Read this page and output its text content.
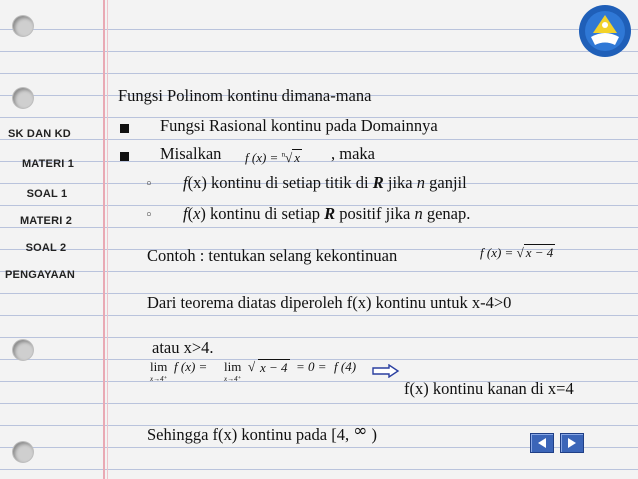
SK DAN KD
MATERI 1
SOAL 1
MATERI 2
SOAL 2
PENGAYAAN
Fungsi Polinom kontinu dimana-mana
Fungsi Rasional kontinu pada Domainnya
Misalkan f (x) = $^n$√ x , maka
◦ f(x) kontinu di setiap titik di R jika n ganjil
◦ f(x) kontinu di setiap R positif jika n genap.
Contoh : tentukan selang kekontinuan	f (x) = √ x − 4
Dari teorema diatas diperoleh f(x) kontinu untuk x-4>0
atau x>4.
lim
x→4⁺
f (x) = lim
x→4⁺
√ x − 4 = 0 = f (4)
f(x) kontinu kanan di x=4
Sehingga f(x) kontinu pada [4, ∞ )
